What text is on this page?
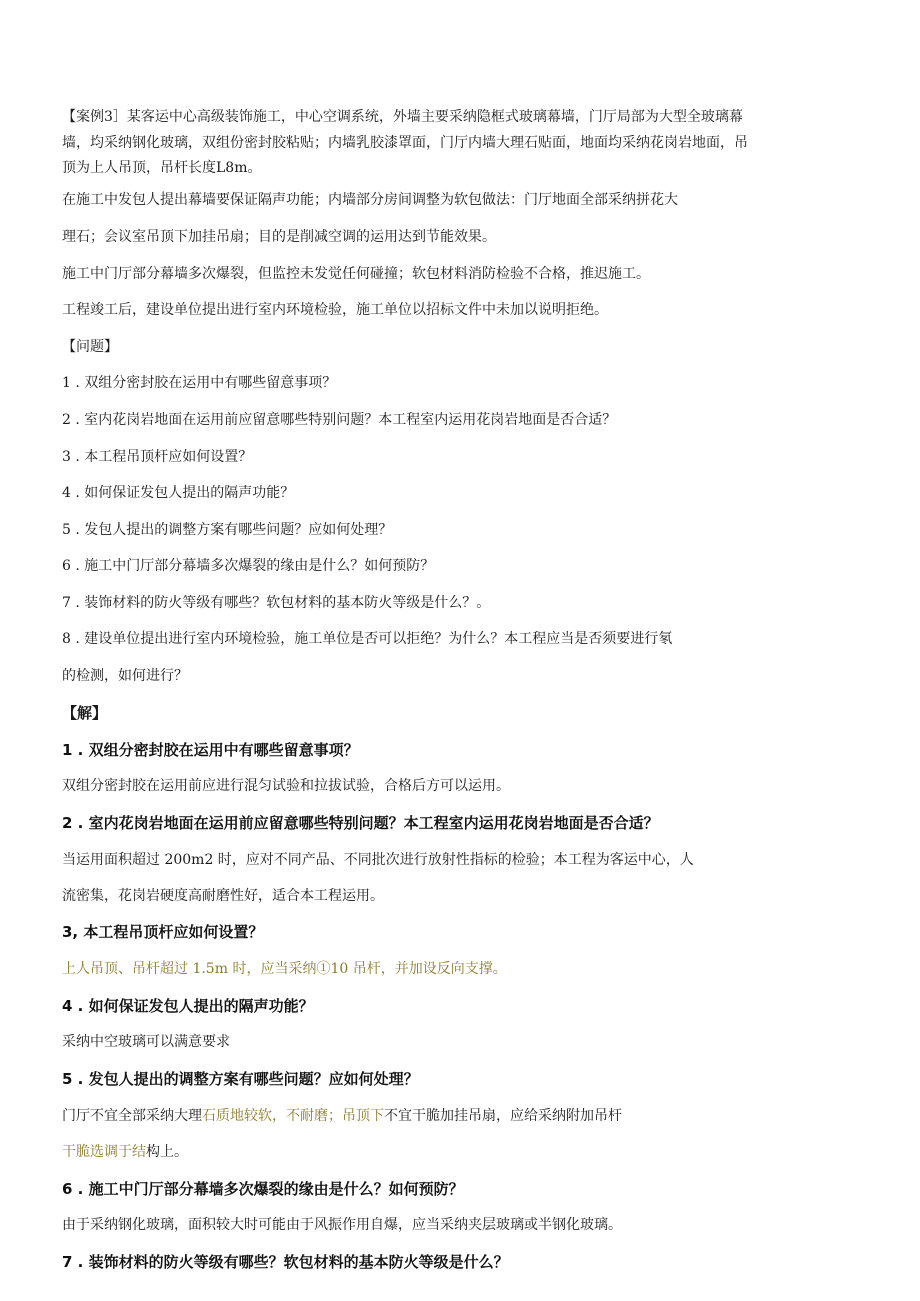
【案例3］某客运中心高级装饰施工，中心空调系统，外墙主要采纳隐框式玻璃幕墙，门厅局部为大型全玻璃幕
墙，均采纳钢化玻璃，双组份密封胶粘贴；内墙乳胶漆罩面，门厅内墙大理石贴面，地面均采纳花岗岩地面，吊
顶为上人吊顶，吊杆长度L8m。
在施工中发包人提出幕墙要保证隔声功能；内墙部分房间调整为软包做法：门厅地面全部采纳拼花大
理石；会议室吊顶下加挂吊扇；目的是削减空调的运用达到节能效果。
施工中门厅部分幕墙多次爆裂，但监控未发觉任何碰撞；软包材料消防检验不合格，推迟施工。
工程竣工后，建设单位提出进行室内环境检验，施工单位以招标文件中未加以说明拒绝。
【问题】
1 . 双组分密封胶在运用中有哪些留意事项？
2 . 室内花岗岩地面在运用前应留意哪些特别问题？本工程室内运用花岗岩地面是否合适？
3 . 本工程吊顶杆应如何设置？
4 . 如何保证发包人提出的隔声功能？
5 . 发包人提出的调整方案有哪些问题？应如何处理？
6 . 施工中门厅部分幕墙多次爆裂的缘由是什么？如何预防？
7 . 装饰材料的防火等级有哪些？软包材料的基本防火等级是什么？。
8 . 建设单位提出进行室内环境检验，施工单位是否可以拒绝？为什么？本工程应当是否须要进行氡
的检测，如何进行？
【解】
1 . 双组分密封胶在运用中有哪些留意事项？
双组分密封胶在运用前应进行混匀试验和拉拔试验，合格后方可以运用。
2 . 室内花岗岩地面在运用前应留意哪些特别问题？本工程室内运用花岗岩地面是否合适？
当运用面积超过 200m2 时，应对不同产品、不同批次进行放射性指标的检验；本工程为客运中心，人
流密集，花岗岩硬度高耐磨性好，适合本工程运用。
3, 本工程吊顶杆应如何设置？
上人吊顶、吊杆超过 1.5m 时，应当采纳①10 吊杆，并加设反向支撑。
4 . 如何保证发包人提出的隔声功能？
采纳中空玻璃可以满意要求
5 . 发包人提出的调整方案有哪些问题？应如何处理？
门厅不宜全部采纳大理石质地较软，不耐磨；吊顶下不宜干脆加挂吊扇，应给采纳附加吊杆
干脆选调于结构上。
6 . 施工中门厅部分幕墙多次爆裂的缘由是什么？如何预防？
由于采纳钢化玻璃，面积较大时可能由于风振作用自爆，应当采纳夹层玻璃或半钢化玻璃。
7 . 装饰材料的防火等级有哪些？软包材料的基本防火等级是什么？
